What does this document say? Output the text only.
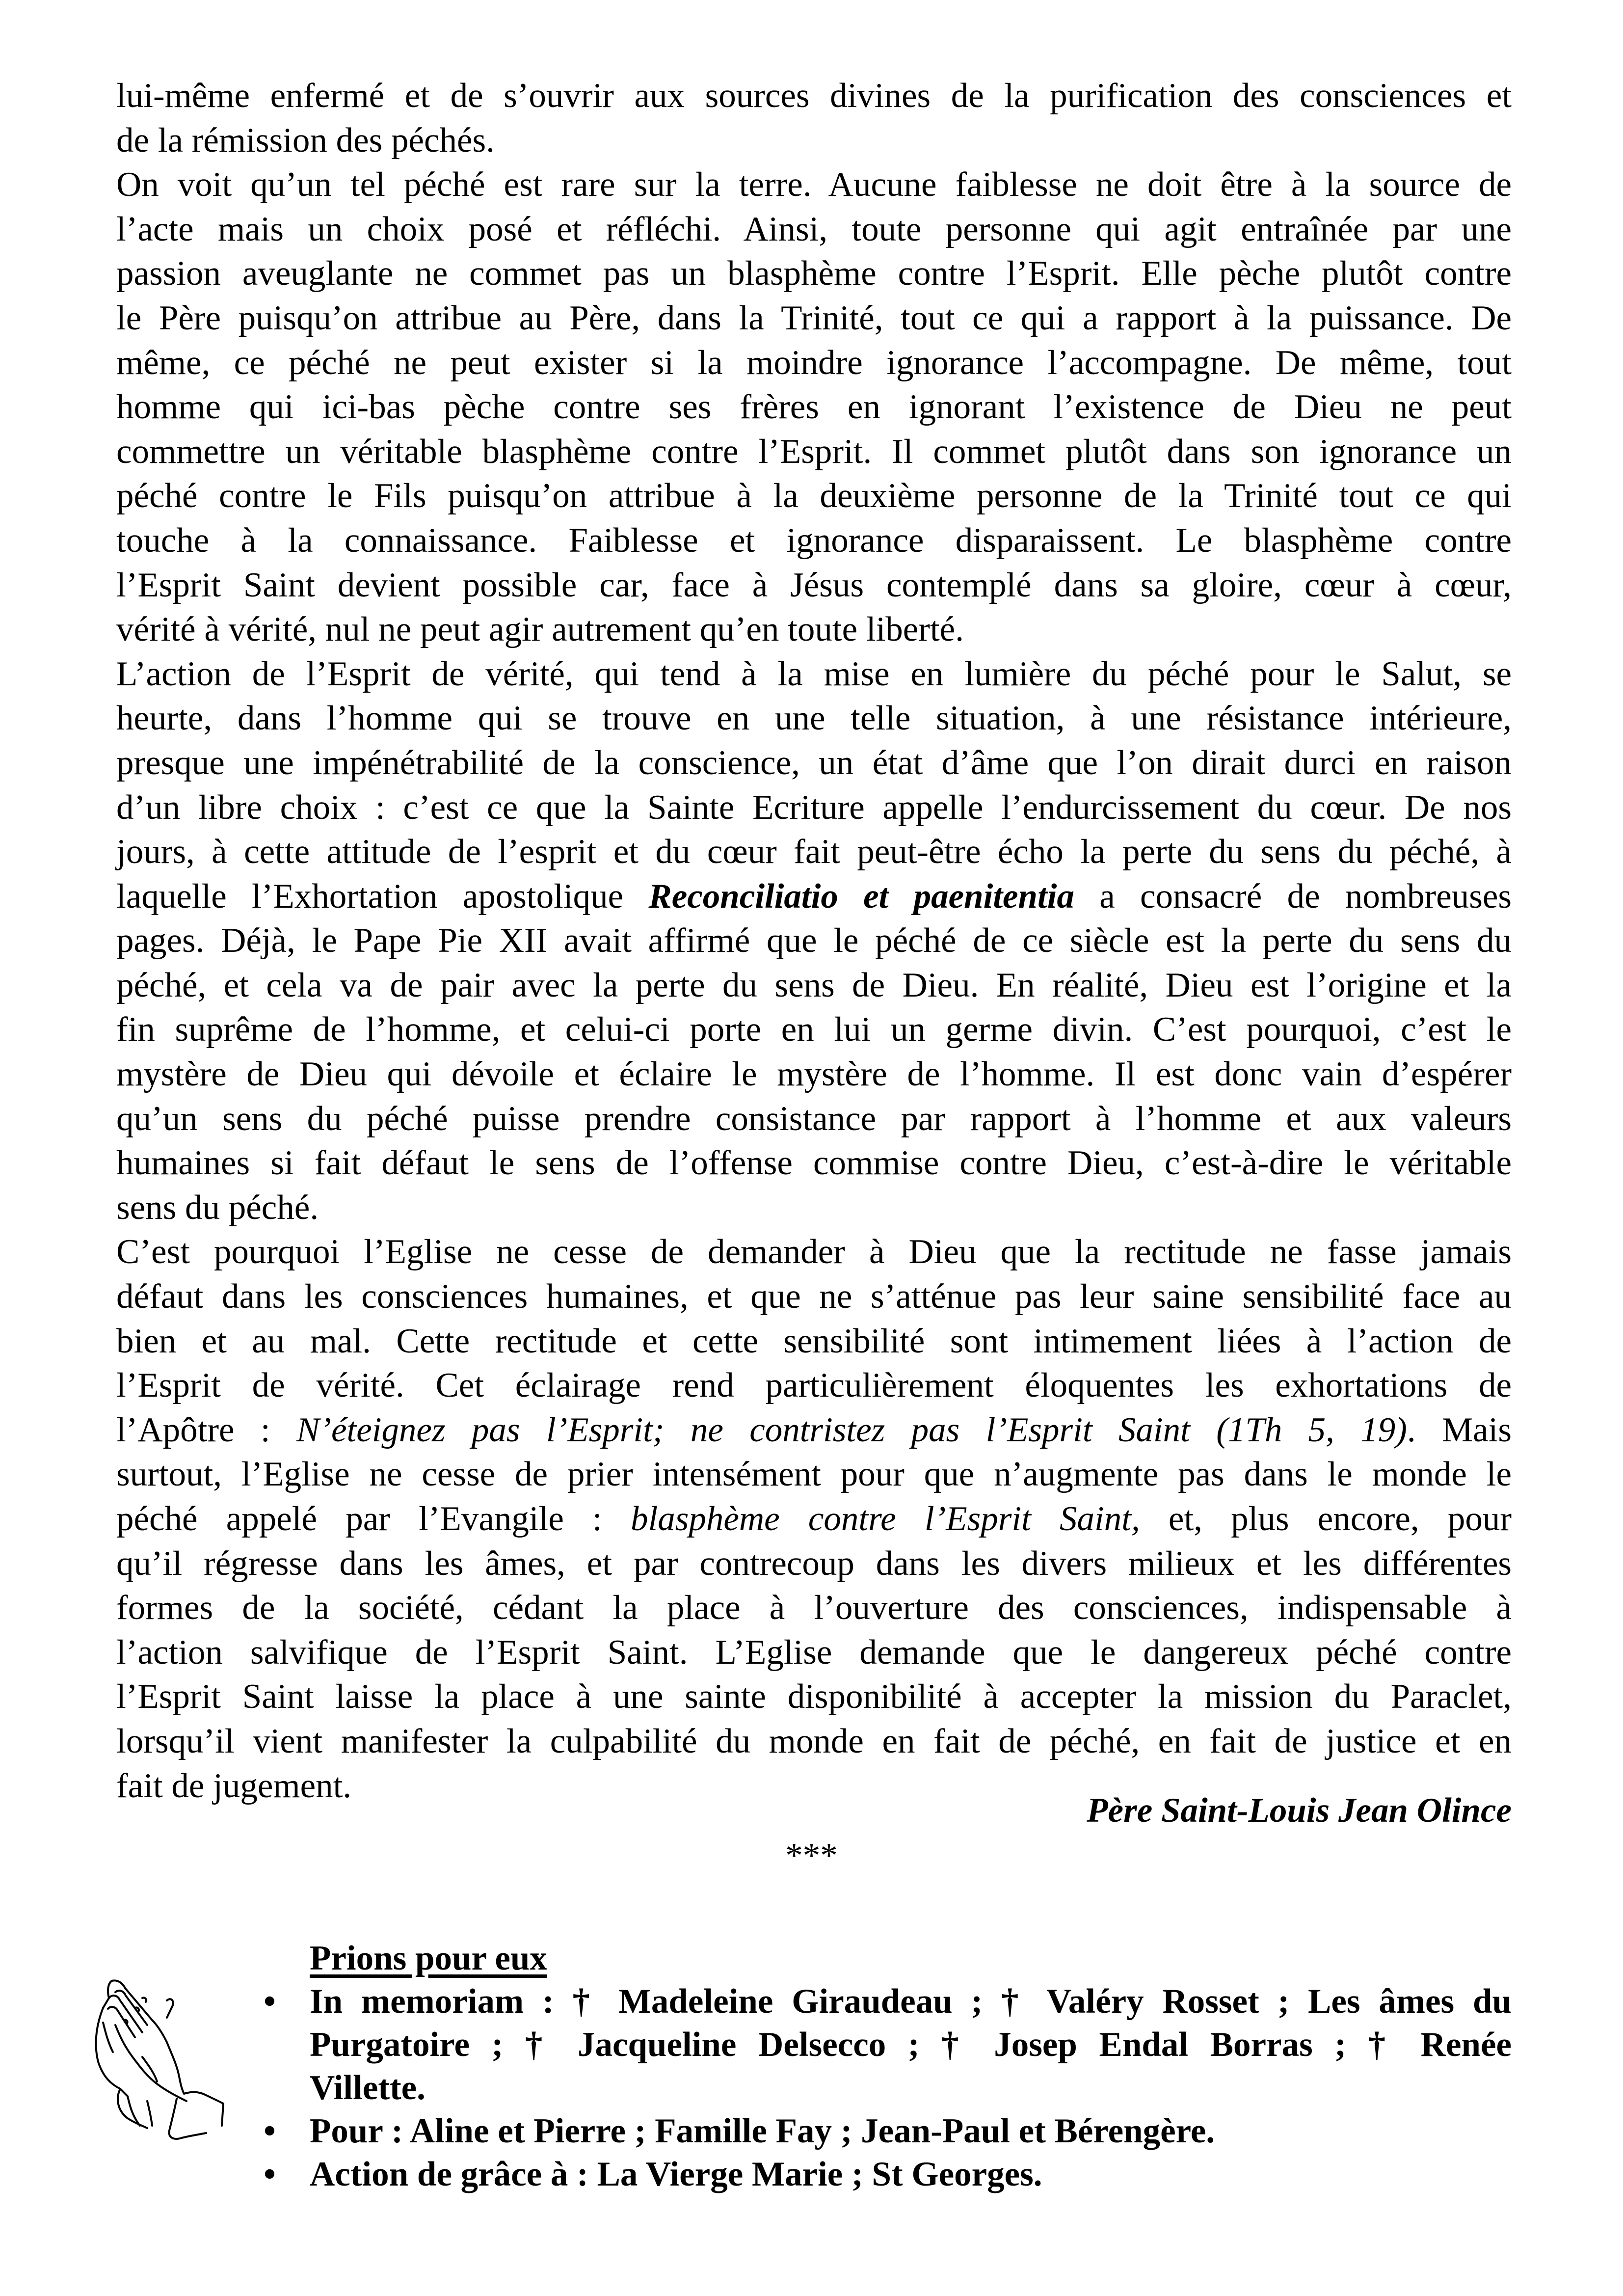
lui-même enfermé et de s’ouvrir aux sources divines de la purification des consciences et
de la rémission des péchés.
On voit qu’un tel péché est rare sur la terre. Aucune faiblesse ne doit être à la source de
l’acte mais un choix posé et réfléchi. Ainsi, toute personne qui agit entraînée par une
passion aveuglante ne commet pas un blasphème contre l’Esprit. Elle pèche plutôt contre
le Père puisqu’on attribue au Père, dans la Trinité, tout ce qui a rapport à la puissance. De
même, ce péché ne peut exister si la moindre ignorance l’accompagne. De même, tout
homme qui ici-bas pèche contre ses frères en ignorant l’existence de Dieu ne peut
commettre un véritable blasphème contre l’Esprit. Il commet plutôt dans son ignorance un
péché contre le Fils puisqu’on attribue à la deuxième personne de la Trinité tout ce qui
touche à la connaissance. Faiblesse et ignorance disparaissent. Le blasphème contre
l’Esprit Saint devient possible car, face à Jésus contemplé dans sa gloire, cœur à cœur,
vérité à vérité, nul ne peut agir autrement qu’en toute liberté.
L’action de l’Esprit de vérité, qui tend à la mise en lumière du péché pour le Salut, se
heurte, dans l’homme qui se trouve en une telle situation, à une résistance intérieure,
presque une impénétrabilité de la conscience, un état d’âme que l’on dirait durci en raison
d’un libre choix : c’est ce que la Sainte Ecriture appelle l’endurcissement du cœur. De nos
jours, à cette attitude de l’esprit et du cœur fait peut-être écho la perte du sens du péché, à
laquelle l’Exhortation apostolique Reconciliatio et paenitentia a consacré de nombreuses
pages. Déjà, le Pape Pie XII avait affirmé que le péché de ce siècle est la perte du sens du
péché, et cela va de pair avec la perte du sens de Dieu. En réalité, Dieu est l’origine et la
fin suprême de l’homme, et celui-ci porte en lui un germe divin. C’est pourquoi, c’est le
mystère de Dieu qui dévoile et éclaire le mystère de l’homme. Il est donc vain d’espérer
qu’un sens du péché puisse prendre consistance par rapport à l’homme et aux valeurs
humaines si fait défaut le sens de l’offense commise contre Dieu, c’est-à-dire le véritable
sens du péché.
C’est pourquoi l’Eglise ne cesse de demander à Dieu que la rectitude ne fasse jamais
défaut dans les consciences humaines, et que ne s’atténue pas leur saine sensibilité face au
bien et au mal. Cette rectitude et cette sensibilité sont intimement liées à l’action de
l’Esprit de vérité. Cet éclairage rend particulièrement éloquentes les exhortations de
l’Apôtre : N’éteignez pas l’Esprit; ne contristez pas l’Esprit Saint (1Th 5, 19). Mais
surtout, l’Eglise ne cesse de prier intensément pour que n’augmente pas dans le monde le
péché appelé par l’Evangile : blasphème contre l’Esprit Saint, et, plus encore, pour
qu’il régresse dans les âmes, et par contrecoup dans les divers milieux et les différentes
formes de la société, cédant la place à l’ouverture des consciences, indispensable à
l’action salvifique de l’Esprit Saint. L’Eglise demande que le dangereux péché contre
l’Esprit Saint laisse la place à une sainte disponibilité à accepter la mission du Paraclet,
lorsqu’il vient manifester la culpabilité du monde en fait de péché, en fait de justice et en
fait de jugement.
Père Saint-Louis Jean Olince
***
Prions pour eux
• In memoriam : † Madeleine Giraudeau ; † Valéry Rosset ; Les âmes du
Purgatoire ; † Jacqueline Delsecco ; † Josep Endal Borras ; † Renée
Villette.
• Pour : Aline et Pierre ; Famille Fay ; Jean-Paul et Bérengère.
• Action de grâce à : La Vierge Marie ; St Georges.
